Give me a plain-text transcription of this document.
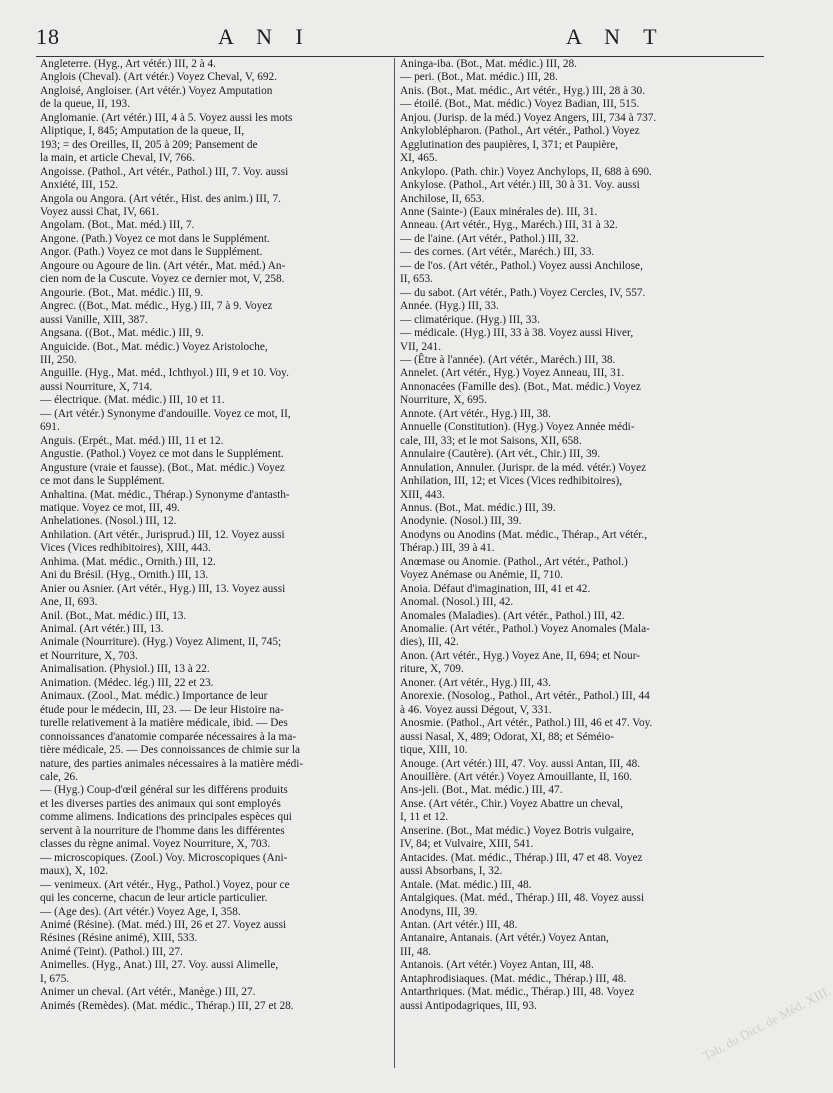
18	A N I	A N T
Angleterre. (Hyg., Art vétér.) III, 2 à 4.
Anglois (Cheval). (Art vétér.) Voyez Cheval, V, 692.
Angloisé, Angloiser. (Art vétér.) Voyez Amputation
de la queue, II, 193.
Anglomanie. (Art vétér.) III, 4 à 5. Voyez aussi les mots
Aliptique, I, 845; Amputation de la queue, II,
193; = des Oreilles, II, 205 à 209; Pansement de
la main, et article Cheval, IV, 766.
Angoisse. (Pathol., Art vétér., Pathol.) III, 7. Voy. aussi
Anxiété, III, 152.
Angola ou Angora. (Art vétér., Hist. des anim.) III, 7.
Voyez aussi Chat, IV, 661.
Angolam. (Bot., Mat. méd.) III, 7.
Angone. (Path.) Voyez ce mot dans le Supplément.
Angor. (Path.) Voyez ce mot dans le Supplément.
Angoure ou Agoure de lin. (Art vétér., Mat. méd.) An-
cien nom de la Cuscute. Voyez ce dernier mot, V, 258.
Angourie. (Bot., Mat. médic.) III, 9.
Angrec. ((Bot., Mat. médic., Hyg.) III, 7 à 9. Voyez
aussi Vanille, XIII, 387.
Angsana. ((Bot., Mat. médic.) III, 9.
Anguicide. (Bot., Mat. médic.) Voyez Aristoloche,
III, 250.
Anguille. (Hyg., Mat. méd., Ichthyol.) III, 9 et 10. Voy.
aussi Nourriture, X, 714.
— électrique. (Mat. médic.) III, 10 et 11.
— (Art vétér.) Synonyme d'andouille. Voyez ce mot, II,
691.
Anguis. (Erpét., Mat. méd.) III, 11 et 12.
Angustie. (Pathol.) Voyez ce mot dans le Supplément.
Angusture (vraie et fausse). (Bot., Mat. médic.) Voyez
ce mot dans le Supplément.
Anhaltina. (Mat. médic., Thérap.) Synonyme d'antasth-
matique. Voyez ce mot, III, 49.
Anhelationes. (Nosol.) III, 12.
Anhilation. (Art vétér., Jurisprud.) III, 12. Voyez aussi
Vices (Vices redhibitoires), XIII, 443.
Anhima. (Mat. médic., Ornith.) III, 12.
Ani du Brésil. (Hyg., Ornith.) III, 13.
Anier ou Asnier. (Art vétér., Hyg.) III, 13. Voyez aussi
Ane, II, 693.
Anil. (Bot., Mat. médic.) III, 13.
Animal. (Art vétér.) III, 13.
Animale (Nourriture). (Hyg.) Voyez Aliment, II, 745;
et Nourriture, X, 703.
Animalisation. (Physiol.) III, 13 à 22.
Animation. (Médec. lég.) III, 22 et 23.
Animaux. (Zool., Mat. médic.) Importance de leur
étude pour le médecin, III, 23. — De leur Histoire na-
turelle relativement à la matière médicale, ibid. — Des
connoissances d'anatomie comparée nécessaires à la ma-
tière médicale, 25. — Des connoissances de chimie sur la
nature, des parties animales nécessaires à la matière médi-
cale, 26.
— (Hyg.) Coup-d'œil général sur les différens produits
et les diverses parties des animaux qui sont employés
comme alimens. Indications des principales espèces qui
servent à la nourriture de l'homme dans les différentes
classes du règne animal. Voyez Nourriture, X, 703.
— microscopiques. (Zool.) Voy. Microscopiques (Ani-
maux), X, 102.
— venimeux. (Art vétér., Hyg., Pathol.) Voyez, pour ce
qui les concerne, chacun de leur article particulier.
— (Age des). (Art vétér.) Voyez Age, I, 358.
Animé (Résine). (Mat. méd.) III, 26 et 27. Voyez aussi
Résines (Résine animé), XIII, 533.
Animé (Teint). (Pathol.) III, 27.
Animelles. (Hyg., Anat.) III, 27. Voy. aussi Alimelle,
I, 675.
Animer un cheval. (Art vétér., Manège.) III, 27.
Animés (Remèdes). (Mat. médic., Thérap.) III, 27 et 28.
Aninga-iba. (Bot., Mat. médic.) III, 28.
— peri. (Bot., Mat. médic.) III, 28.
Anis. (Bot., Mat. médic., Art vétér., Hyg.) III, 28 à 30.
— étoilé. (Bot., Mat. médic.) Voyez Badian, III, 515.
Anjou. (Jurisp. de la méd.) Voyez Angers, III, 734 à 737.
Ankyloblépharon. (Pathol., Art vétér., Pathol.) Voyez
Agglutination des paupières, I, 371; et Paupière,
XI, 465.
Ankylopo. (Path. chir.) Voyez Anchylops, II, 688 à 690.
Ankylose. (Pathol., Art vétér.) III, 30 à 31. Voy. aussi
Anchilose, II, 653.
Anne (Sainte-) (Eaux minérales de). III, 31.
Anneau. (Art vétér., Hyg., Maréch.) III, 31 à 32.
— de l'aine. (Art vétér., Pathol.) III, 32.
— des cornes. (Art vétér., Maréch.) III, 33.
— de l'os. (Art vétér., Pathol.) Voyez aussi Anchilose,
II, 653.
— du sabot. (Art vétér., Path.) Voyez Cercles, IV, 557.
Année. (Hyg.) III, 33.
— climatérique. (Hyg.) III, 33.
— médicale. (Hyg.) III, 33 à 38. Voyez aussi Hiver,
VII, 241.
— (Être à l'année). (Art vétér., Maréch.) III, 38.
Annelet. (Art vétér., Hyg.) Voyez Anneau, III, 31.
Annonacées (Famille des). (Bot., Mat. médic.) Voyez
Nourriture, X, 695.
Annote. (Art vétér., Hyg.) III, 38.
Annuelle (Constitution). (Hyg.) Voyez Année médi-
cale, III, 33; et le mot Saisons, XII, 658.
Annulaire (Cautère). (Art vét., Chir.) III, 39.
Annulation, Annuler. (Jurispr. de la méd. vétér.) Voyez
Anhilation, III, 12; et Vices (Vices redhibitoires),
XIII, 443.
Annus. (Bot., Mat. médic.) III, 39.
Anodynie. (Nosol.) III, 39.
Anodyns ou Anodins (Mat. médic., Thérap., Art vétér.,
Thérap.) III, 39 à 41.
Anœmase ou Anomie. (Pathol., Art vétér., Pathol.)
Voyez Anémase ou Anémie, II, 710.
Anoia. Défaut d'imagination, III, 41 et 42.
Anomal. (Nosol.) III, 42.
Anomales (Maladies). (Art vétér., Pathol.) III, 42.
Anomalie. (Art vétér., Pathol.) Voyez Anomales (Mala-
dies), III, 42.
Anon. (Art vétér., Hyg.) Voyez Ane, II, 694; et Nour-
riture, X, 709.
Anoner. (Art vétér., Hyg.) III, 43.
Anorexie. (Nosolog., Pathol., Art vétér., Pathol.) III, 44
à 46. Voyez aussi Dégout, V, 331.
Anosmie. (Pathol., Art vétér., Pathol.) III, 46 et 47. Voy.
aussi Nasal, X, 489; Odorat, XI, 88; et Séméio-
tique, XIII, 10.
Anouge. (Art vétér.) III, 47. Voy. aussi Antan, III, 48.
Anouillère. (Art vétér.) Voyez Amouillante, II, 160.
Ans-jeli. (Bot., Mat. médic.) III, 47.
Anse. (Art vétér., Chir.) Voyez Abattre un cheval,
I, 11 et 12.
Anserine. (Bot., Mat médic.) Voyez Botris vulgaire,
IV, 84; et Vulvaire, XIII, 541.
Antacides. (Mat. médic., Thérap.) III, 47 et 48. Voyez
aussi Absorbans, I, 32.
Antale. (Mat. médic.) III, 48.
Antalgiques. (Mat. méd., Thérap.) III, 48. Voyez aussi
Anodyns, III, 39.
Antan. (Art vétér.) III, 48.
Antanaire, Antanais. (Art vétér.) Voyez Antan,
III, 48.
Antanois. (Art vétér.) Voyez Antan, III, 48.
Antaphrodisiaques. (Mat. médic., Thérap.) III, 48.
Antarthriques. (Mat. médic., Thérap.) III, 48. Voyez
aussi Antipodagriques, III, 93.	Tab. du Dict. de Méd. XIII.
